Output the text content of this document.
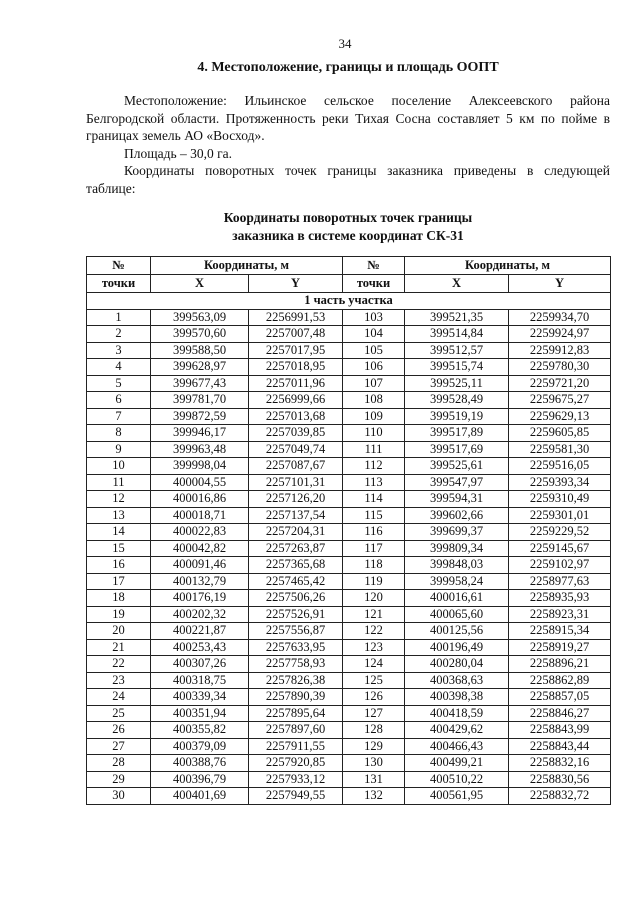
34
4. Местоположение, границы и площадь ООПТ

Местоположение: Ильинское сельское поселение Алексеевского района Белгородской области. Протяженность реки Тихая Сосна составляет 5 км по пойме в границах земель АО «Восход».

Площадь – 30,0 га.

Координаты поворотных точек границы заказника приведены в следующей таблице:

Координаты поворотных точек границы
заказника в системе координат СК-31
№	Координаты, м		№	Координаты, м	
точки	X	Y	точки	X	Y
1 часть участка					
1	399563,09	2256991,53	103	399521,35	2259934,70
2	399570,60	2257007,48	104	399514,84	2259924,97
3	399588,50	2257017,95	105	399512,57	2259912,83
4	399628,97	2257018,95	106	399515,74	2259780,30
5	399677,43	2257011,96	107	399525,11	2259721,20
6	399781,70	2256999,66	108	399528,49	2259675,27
7	399872,59	2257013,68	109	399519,19	2259629,13
8	399946,17	2257039,85	110	399517,89	2259605,85
9	399963,48	2257049,74	111	399517,69	2259581,30
10	399998,04	2257087,67	112	399525,61	2259516,05
11	400004,55	2257101,31	113	399547,97	2259393,34
12	400016,86	2257126,20	114	399594,31	2259310,49
13	400018,71	2257137,54	115	399602,66	2259301,01
14	400022,83	2257204,31	116	399699,37	2259229,52
15	400042,82	2257263,87	117	399809,34	2259145,67
16	400091,46	2257365,68	118	399848,03	2259102,97
17	400132,79	2257465,42	119	399958,24	2258977,63
18	400176,19	2257506,26	120	400016,61	2258935,93
19	400202,32	2257526,91	121	400065,60	2258923,31
20	400221,87	2257556,87	122	400125,56	2258915,34
21	400253,43	2257633,95	123	400196,49	2258919,27
22	400307,26	2257758,93	124	400280,04	2258896,21
23	400318,75	2257826,38	125	400368,63	2258862,89
24	400339,34	2257890,39	126	400398,38	2258857,05
25	400351,94	2257895,64	127	400418,59	2258846,27
26	400355,82	2257897,60	128	400429,62	2258843,99
27	400379,09	2257911,55	129	400466,43	2258843,44
28	400388,76	2257920,85	130	400499,21	2258832,16
29	400396,79	2257933,12	131	400510,22	2258830,56
30	400401,69	2257949,55	132	400561,95	2258832,72
